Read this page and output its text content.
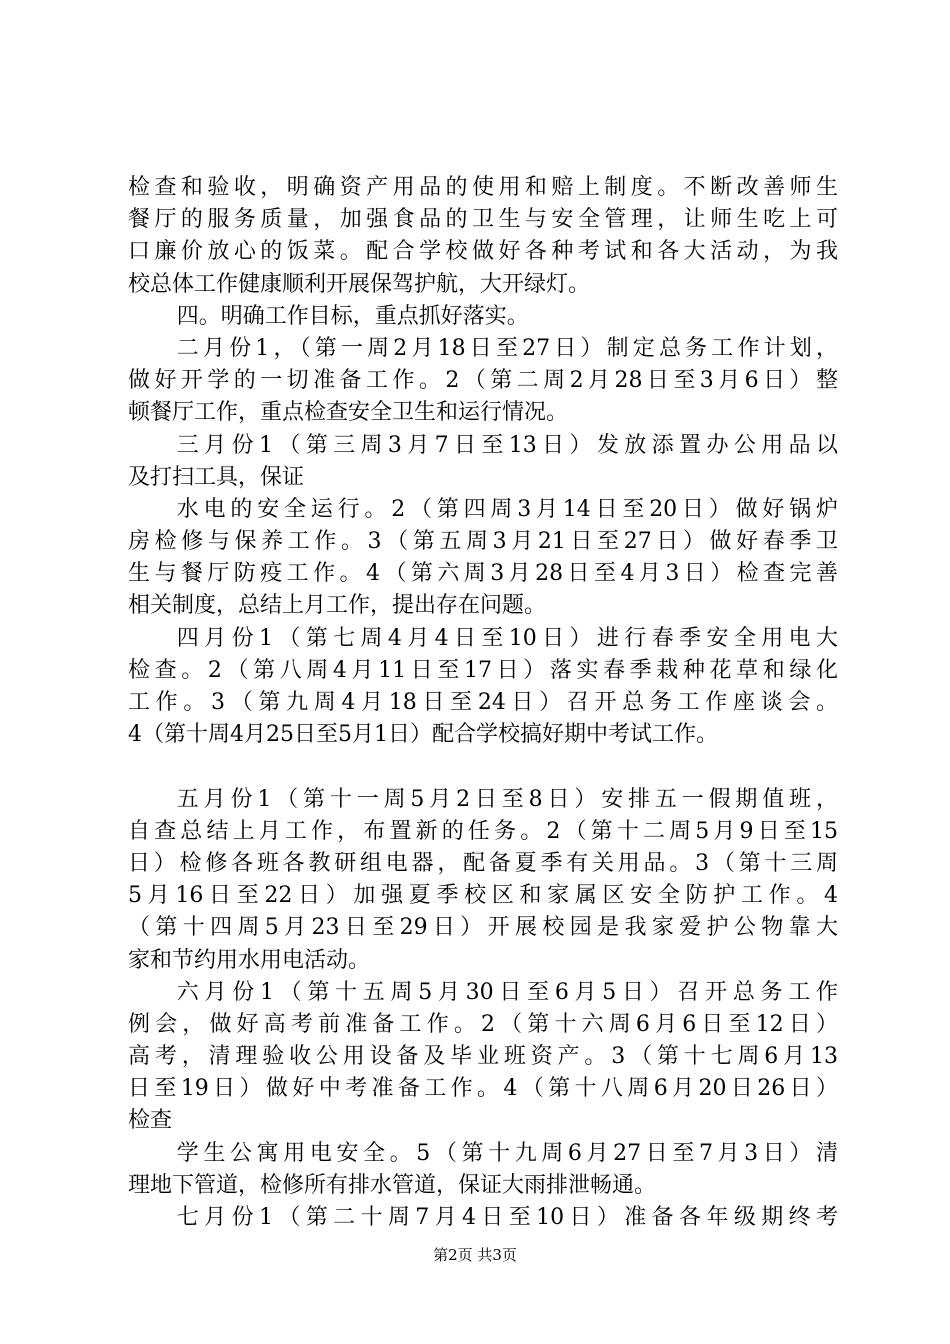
检查和验收，明确资产用品的使用和赔上制度。不断改善师生
餐厅的服务质量，加强食品的卫生与安全管理，让师生吃上可
口廉价放心的饭菜。配合学校做好各种考试和各大活动，为我
校总体工作健康顺利开展保驾护航，大开绿灯。
四。明确工作目标，重点抓好落实。
二月份1，（第一周2月18日至27日）制定总务工作计划，
做好开学的一切准备工作。2（第二周2月28日至3月6日）整
顿餐厅工作，重点检查安全卫生和运行情况。
三月份1（第三周3月7日至13日）发放添置办公用品以
及打扫工具，保证
水电的安全运行。2（第四周3月14日至20日）做好锅炉
房检修与保养工作。3（第五周3月21日至27日）做好春季卫
生与餐厅防疫工作。4（第六周3月28日至4月3日）检查完善
相关制度，总结上月工作，提出存在问题。
四月份1（第七周4月4日至10日）进行春季安全用电大
检查。2（第八周4月11日至17日）落实春季栽种花草和绿化
工作。3（第九周4月18日至24日）召开总务工作座谈会。
4（第十周4月25日至5月1日）配合学校搞好期中考试工作。
五月份1（第十一周5月2日至8日）安排五一假期值班，
自查总结上月工作，布置新的任务。2（第十二周5月9日至15
日）检修各班各教研组电器，配备夏季有关用品。3（第十三周
5月16日至22日）加强夏季校区和家属区安全防护工作。4
（第十四周5月23日至29日）开展校园是我家爱护公物靠大
家和节约用水用电活动。
六月份1（第十五周5月30日至6月5日）召开总务工作
例会，做好高考前准备工作。2（第十六周6月6日至12日）
高考，清理验收公用设备及毕业班资产。3（第十七周6月13
日至19日）做好中考准备工作。4（第十八周6月20日26日）
检查
学生公寓用电安全。5（第十九周6月27日至7月3日）清
理地下管道，检修所有排水管道，保证大雨排泄畅通。
七月份1（第二十周7月4日至10日）准备各年级期终考
第2页 共3页
